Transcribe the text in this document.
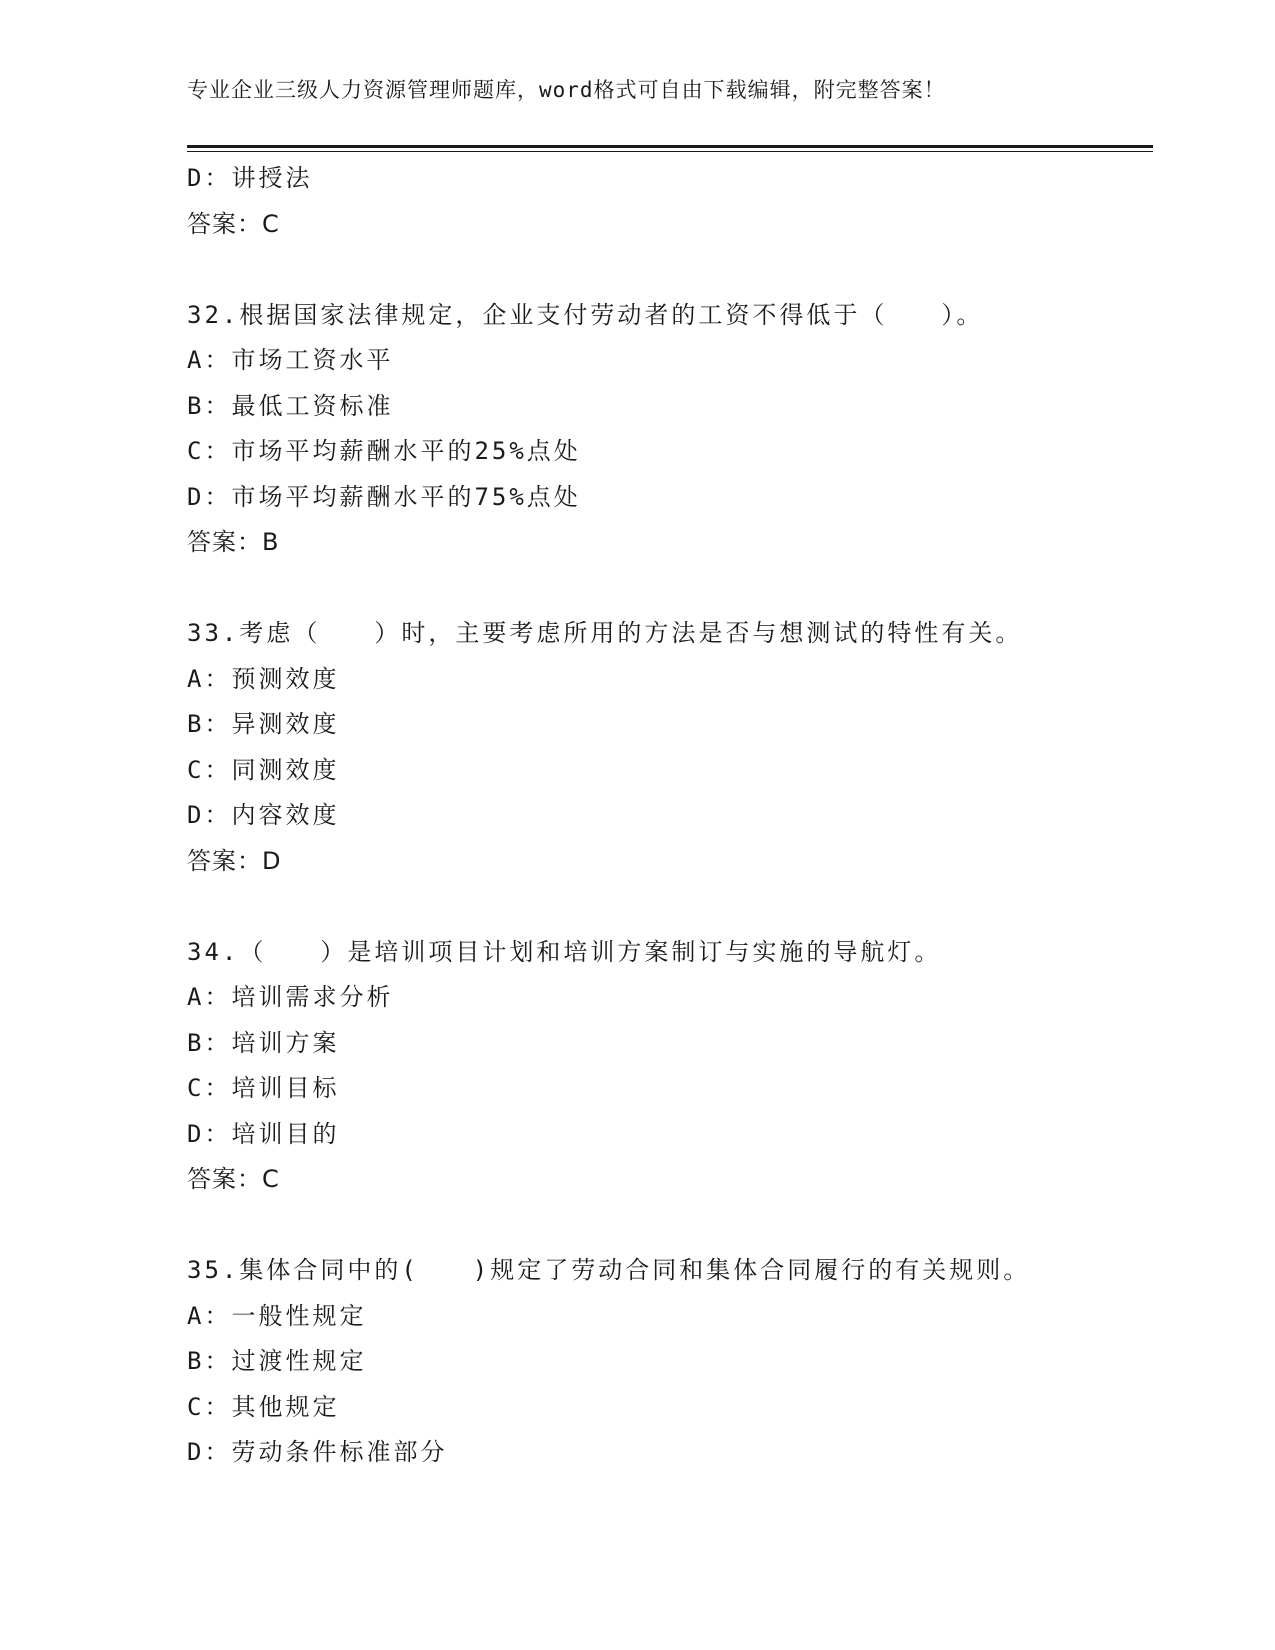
专业企业三级人力资源管理师题库，word格式可自由下载编辑，附完整答案！
D：讲授法
答案：C
32.根据国家法律规定，企业支付劳动者的工资不得低于（　　）。
A：市场工资水平
B：最低工资标准
C：市场平均薪酬水平的25%点处
D：市场平均薪酬水平的75%点处
答案：B
33.考虑（　　）时，主要考虑所用的方法是否与想测试的特性有关。
A：预测效度
B：异测效度
C：同测效度
D：内容效度
答案：D
34.（　　）是培训项目计划和培训方案制订与实施的导航灯。
A：培训需求分析
B：培训方案
C：培训目标
D：培训目的
答案：C
35.集体合同中的(　　)规定了劳动合同和集体合同履行的有关规则。
A：一般性规定
B：过渡性规定
C：其他规定
D：劳动条件标准部分
